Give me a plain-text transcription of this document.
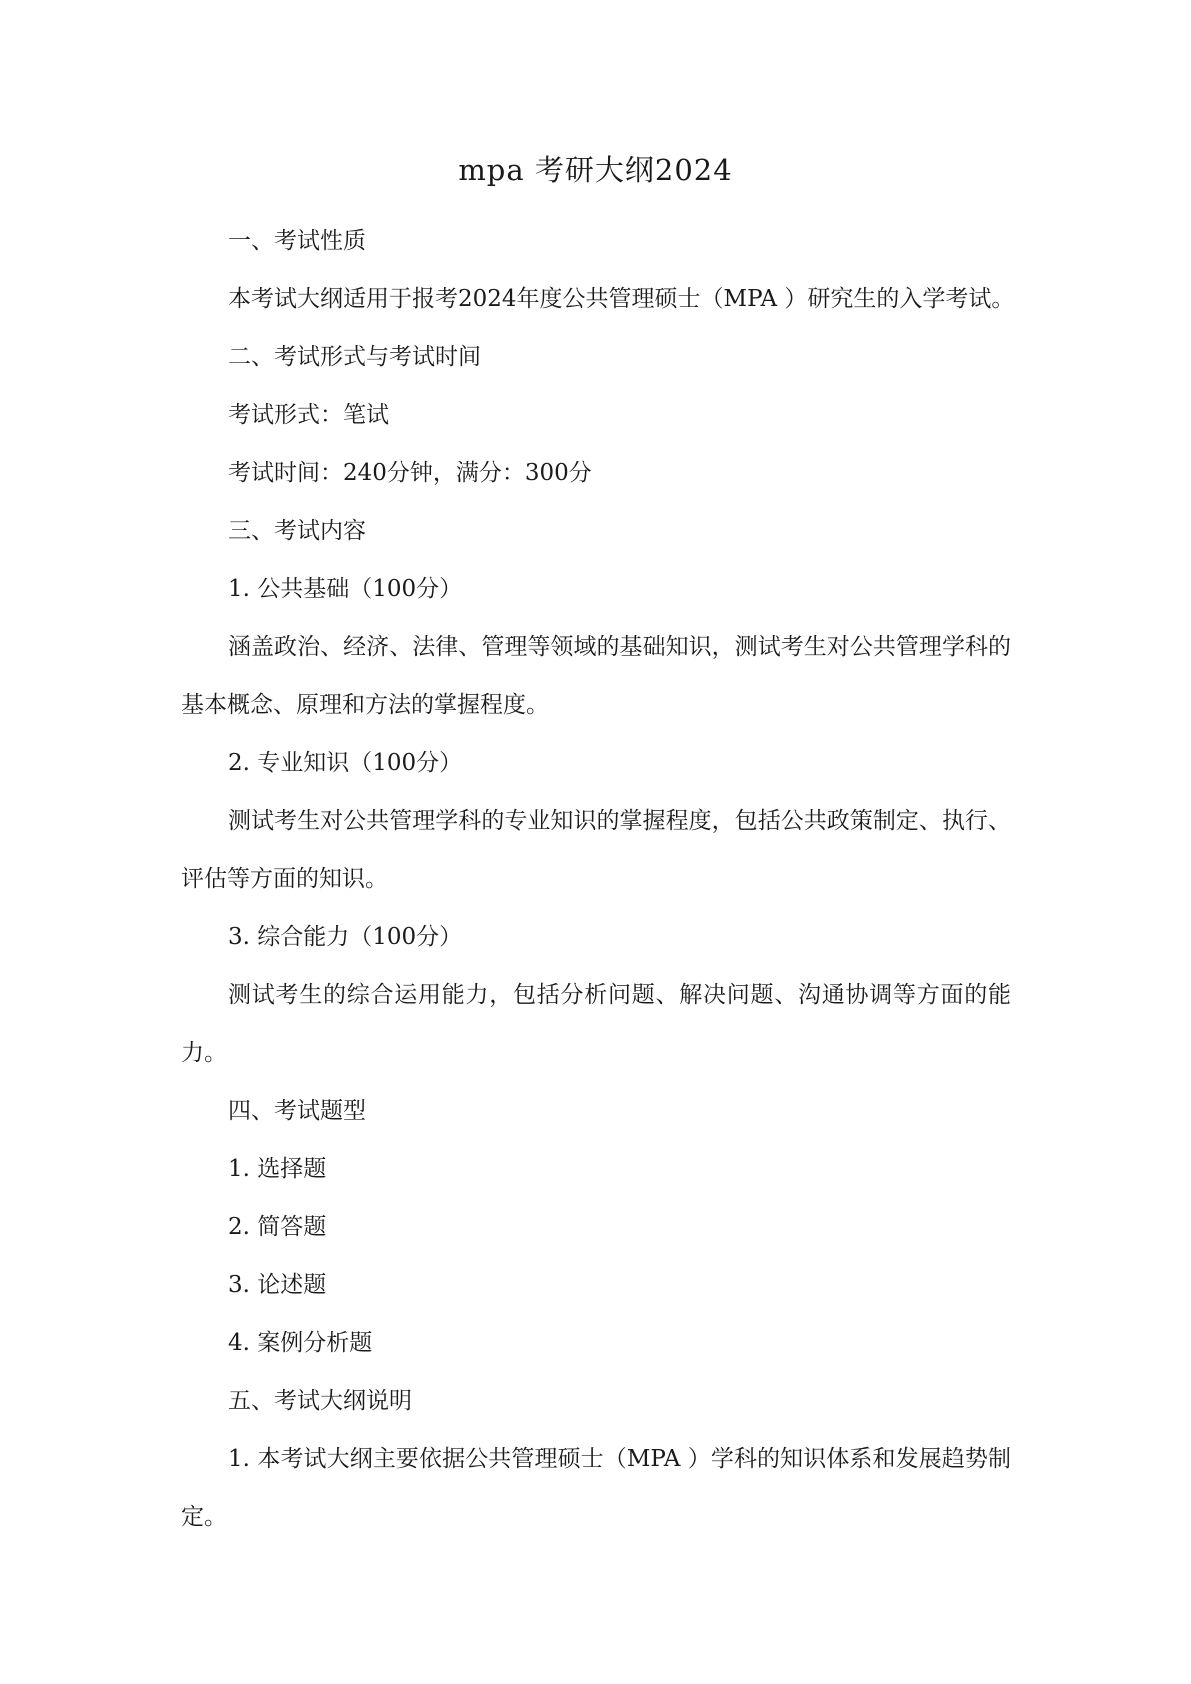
mpa 考研大纲2024

一、考试性质

本考试大纲适用于报考2024年度公共管理硕士（MPA ）研究生的入学考试。

二、考试形式与考试时间

考试形式：笔试

考试时间：240分钟，满分：300分

三、考试内容

1. 公共基础（100分）

涵盖政治、经济、法律、管理等领域的基础知识，测试考生对公共管理学科的基本概念、原理和方法的掌握程度。

2. 专业知识（100分）

测试考生对公共管理学科的专业知识的掌握程度，包括公共政策制定、执行、评估等方面的知识。

3. 综合能力（100分）

测试考生的综合运用能力，包括分析问题、解决问题、沟通协调等方面的能力。

四、考试题型

1. 选择题

2. 简答题

3. 论述题

4. 案例分析题

五、考试大纲说明

1. 本考试大纲主要依据公共管理硕士（MPA ）学科的知识体系和发展趋势制定。
